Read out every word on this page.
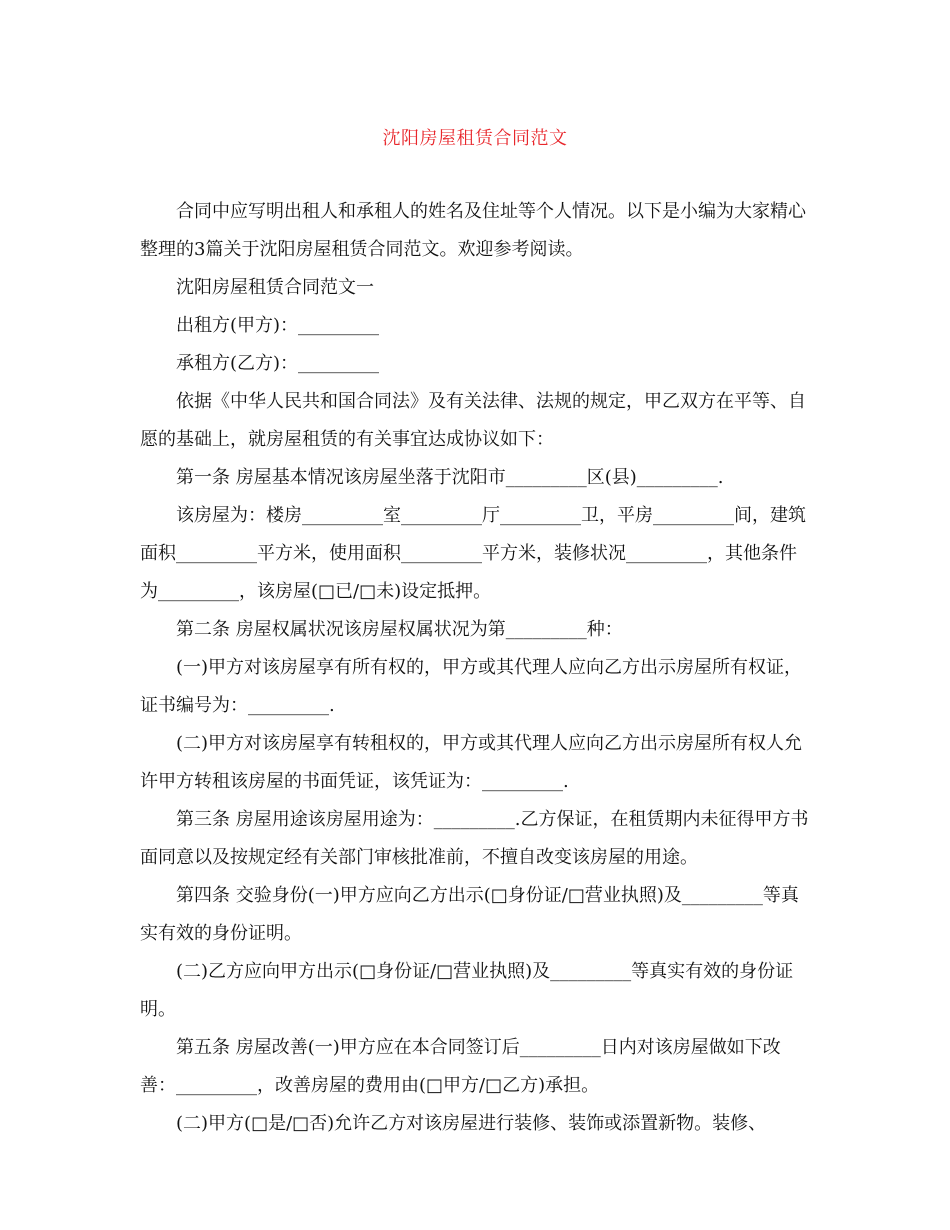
沈阳房屋租赁合同范文

合同中应写明出租人和承租人的姓名及住址等个人情况。以下是小编为大家精心整理的3篇关于沈阳房屋租赁合同范文。欢迎参考阅读。

沈阳房屋租赁合同范文一

出租方(甲方)：_________

承租方(乙方)：_________

依据《中华人民共和国合同法》及有关法律、法规的规定，甲乙双方在平等、自愿的基础上，就房屋租赁的有关事宜达成协议如下：

第一条 房屋基本情况该房屋坐落于沈阳市_________区(县)_________.

该房屋为：楼房_________室_________厅_________卫，平房_________间，建筑面积_________平方米，使用面积_________平方米，装修状况_________，其他条件为_________，该房屋(□已/□未)设定抵押。

第二条 房屋权属状况该房屋权属状况为第_________种：

(一)甲方对该房屋享有所有权的，甲方或其代理人应向乙方出示房屋所有权证，证书编号为：_________.

(二)甲方对该房屋享有转租权的，甲方或其代理人应向乙方出示房屋所有权人允许甲方转租该房屋的书面凭证，该凭证为：_________.

第三条 房屋用途该房屋用途为：_________.乙方保证，在租赁期内未征得甲方书面同意以及按规定经有关部门审核批准前，不擅自改变该房屋的用途。

第四条 交验身份(一)甲方应向乙方出示(□身份证/□营业执照)及_________等真实有效的身份证明。

(二)乙方应向甲方出示(□身份证/□营业执照)及_________等真实有效的身份证明。

第五条 房屋改善(一)甲方应在本合同签订后_________日内对该房屋做如下改善：_________，改善房屋的费用由(□甲方/□乙方)承担。

(二)甲方(□是/□否)允许乙方对该房屋进行装修、装饰或添置新物。装修、
